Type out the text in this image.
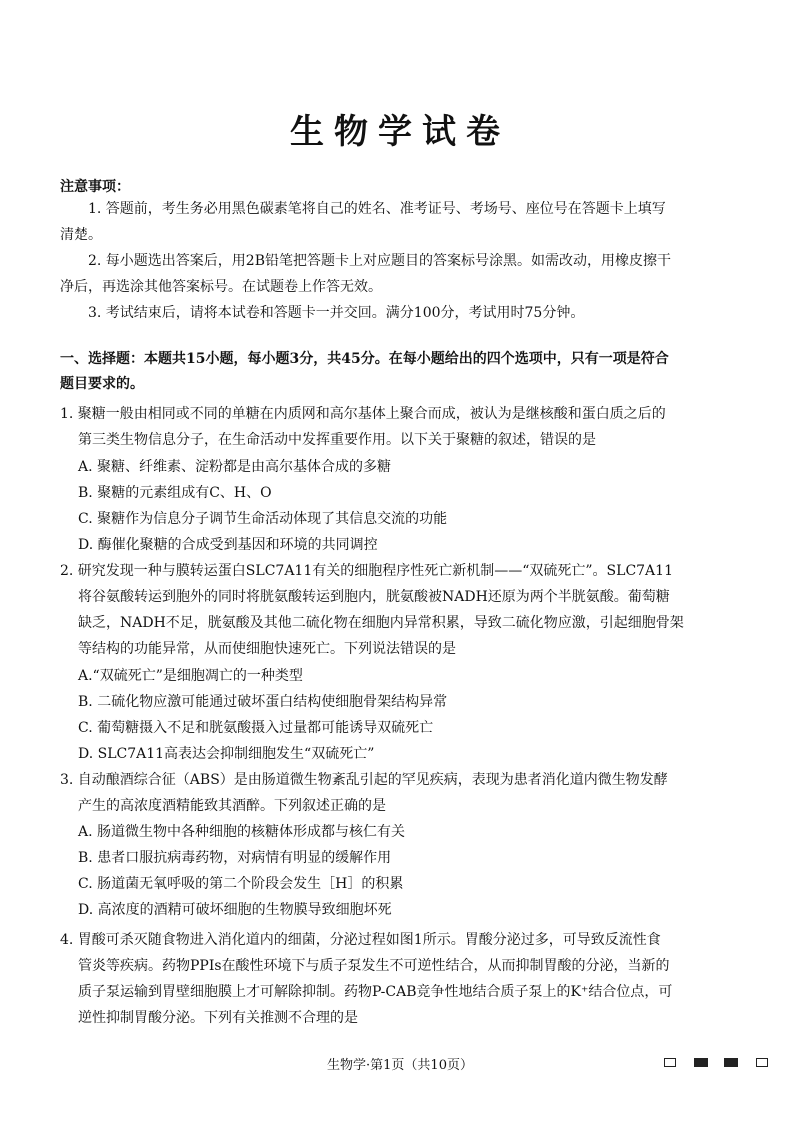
生物学试卷
注意事项：
1. 答题前，考生务必用黑色碳素笔将自己的姓名、准考证号、考场号、座位号在答题卡上填写
清楚。
2. 每小题选出答案后，用2B铅笔把答题卡上对应题目的答案标号涂黑。如需改动，用橡皮擦干
净后，再选涂其他答案标号。在试题卷上作答无效。
3. 考试结束后，请将本试卷和答题卡一并交回。满分100分，考试用时75分钟。
一、选择题：本题共15小题，每小题3分，共45分。在每小题给出的四个选项中，只有一项是符合
题目要求的。
1. 聚糖一般由相同或不同的单糖在内质网和高尔基体上聚合而成，被认为是继核酸和蛋白质之后的
第三类生物信息分子，在生命活动中发挥重要作用。以下关于聚糖的叙述，错误的是
A. 聚糖、纤维素、淀粉都是由高尔基体合成的多糖
B. 聚糖的元素组成有C、H、O
C. 聚糖作为信息分子调节生命活动体现了其信息交流的功能
D. 酶催化聚糖的合成受到基因和环境的共同调控
2. 研究发现一种与膜转运蛋白SLC7A11有关的细胞程序性死亡新机制——“双硫死亡”。SLC7A11
将谷氨酸转运到胞外的同时将胱氨酸转运到胞内，胱氨酸被NADH还原为两个半胱氨酸。葡萄糖
缺乏，NADH不足，胱氨酸及其他二硫化物在细胞内异常积累，导致二硫化物应激，引起细胞骨架
等结构的功能异常，从而使细胞快速死亡。下列说法错误的是
A.“双硫死亡”是细胞凋亡的一种类型
B. 二硫化物应激可能通过破坏蛋白结构使细胞骨架结构异常
C. 葡萄糖摄入不足和胱氨酸摄入过量都可能诱导双硫死亡
D. SLC7A11高表达会抑制细胞发生“双硫死亡”
3. 自动酿酒综合征（ABS）是由肠道微生物紊乱引起的罕见疾病，表现为患者消化道内微生物发酵
产生的高浓度酒精能致其酒醉。下列叙述正确的是
A. 肠道微生物中各种细胞的核糖体形成都与核仁有关
B. 患者口服抗病毒药物，对病情有明显的缓解作用
C. 肠道菌无氧呼吸的第二个阶段会发生［H］的积累
D. 高浓度的酒精可破坏细胞的生物膜导致细胞坏死
4. 胃酸可杀灭随食物进入消化道内的细菌，分泌过程如图1所示。胃酸分泌过多，可导致反流性食
管炎等疾病。药物PPIs在酸性环境下与质子泵发生不可逆性结合，从而抑制胃酸的分泌，当新的
质子泵运输到胃壁细胞膜上才可解除抑制。药物P-CAB竞争性地结合质子泵上的K⁺结合位点，可
逆性抑制胃酸分泌。下列有关推测不合理的是
生物学·第1页（共10页）
